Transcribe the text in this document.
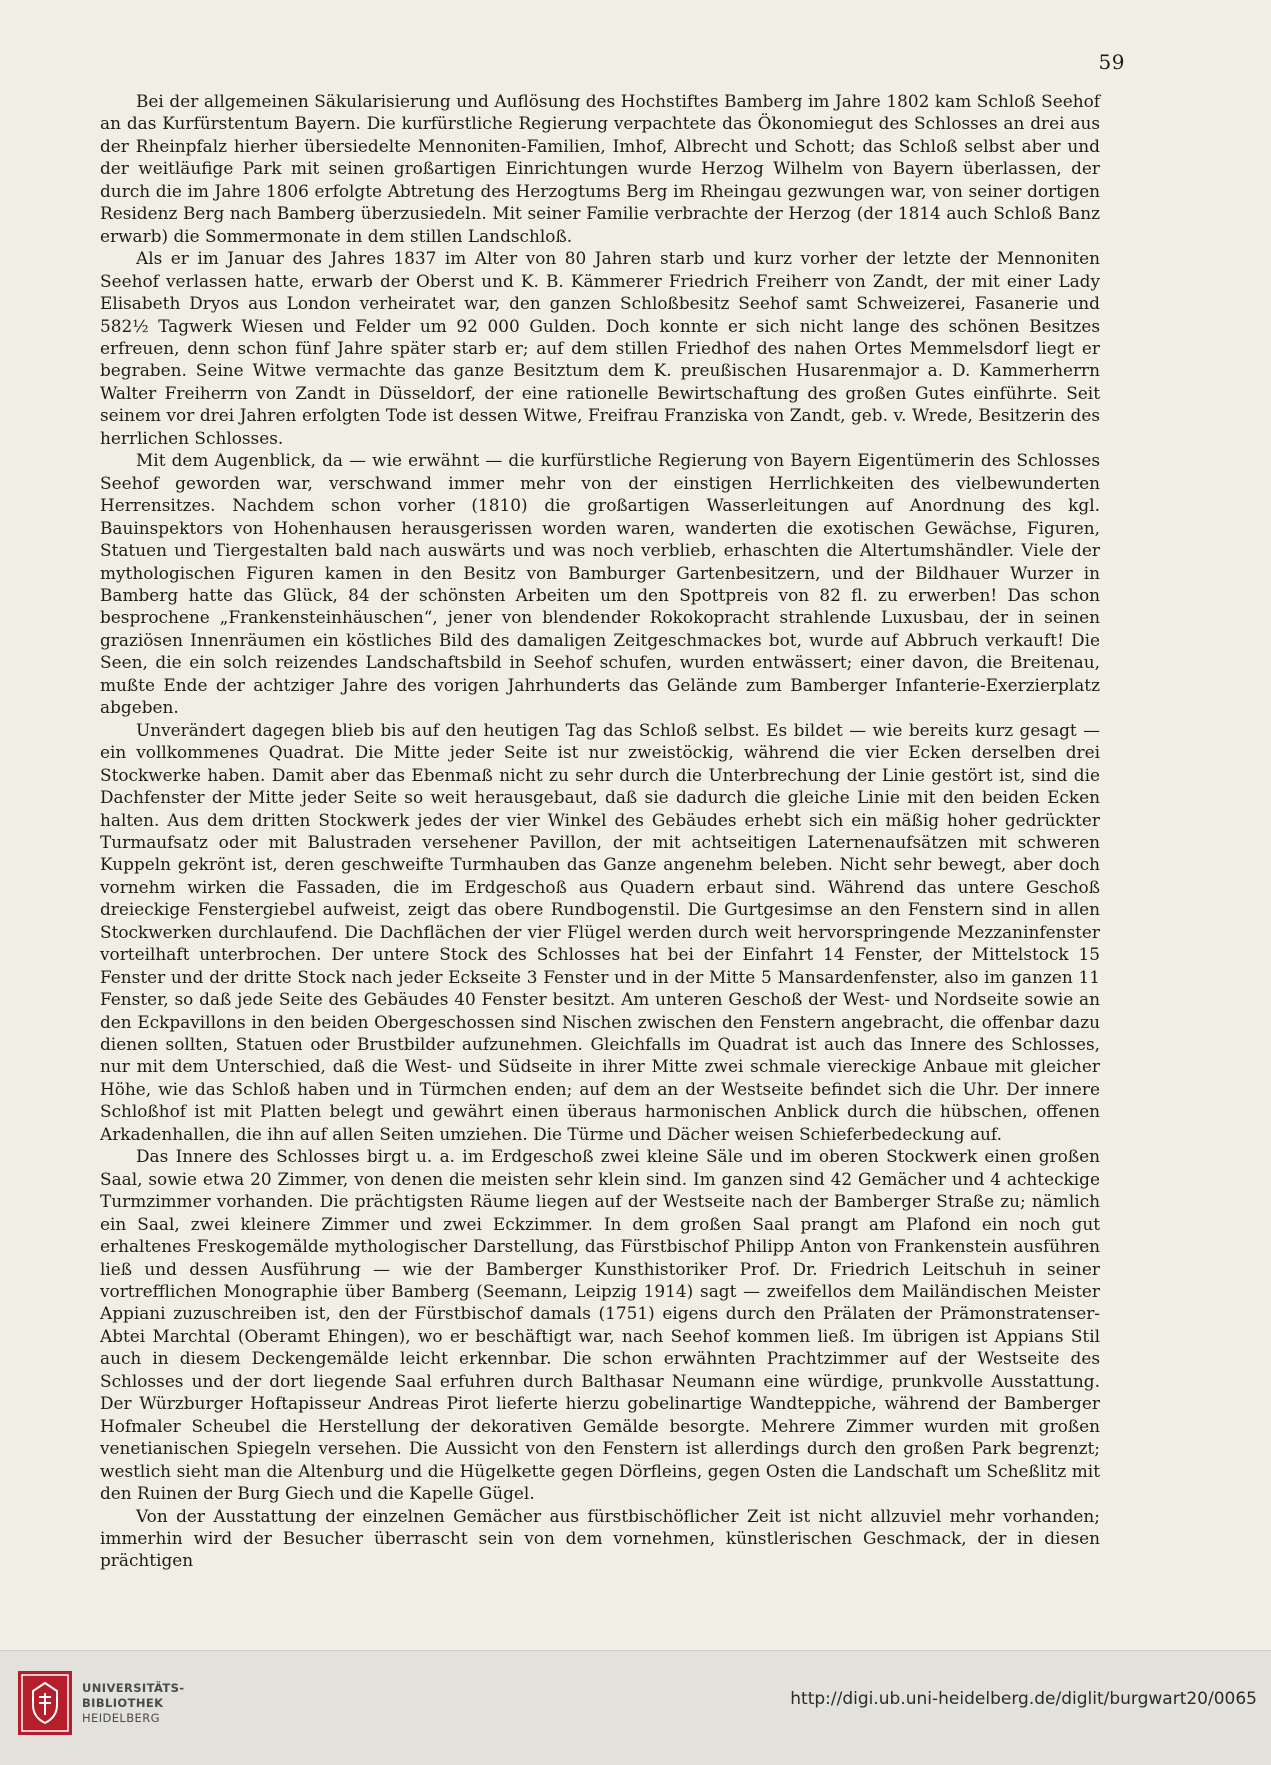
59

Bei der allgemeinen Säkularisierung und Auflösung des Hochstiftes Bamberg im Jahre 1802 kam Schloß Seehof an das Kurfürstentum Bayern. Die kurfürstliche Regierung verpachtete das Ökonomiegut des Schlosses an drei aus der Rheinpfalz hierher übersiedelte Mennoniten-Familien, Imhof, Albrecht und Schott; das Schloß selbst aber und der weitläufige Park mit seinen großartigen Einrichtungen wurde Herzog Wilhelm von Bayern überlassen, der durch die im Jahre 1806 erfolgte Abtretung des Herzogtums Berg im Rheingau gezwungen war, von seiner dortigen Residenz Berg nach Bamberg überzusiedeln. Mit seiner Familie verbrachte der Herzog (der 1814 auch Schloß Banz erwarb) die Sommermonate in dem stillen Landschloß.

Als er im Januar des Jahres 1837 im Alter von 80 Jahren starb und kurz vorher der letzte der Mennoniten Seehof verlassen hatte, erwarb der Oberst und K. B. Kämmerer Friedrich Freiherr von Zandt, der mit einer Lady Elisabeth Dryos aus London verheiratet war, den ganzen Schloßbesitz Seehof samt Schweizerei, Fasanerie und 582½ Tagwerk Wiesen und Felder um 92 000 Gulden. Doch konnte er sich nicht lange des schönen Besitzes erfreuen, denn schon fünf Jahre später starb er; auf dem stillen Friedhof des nahen Ortes Memmelsdorf liegt er begraben. Seine Witwe vermachte das ganze Besitztum dem K. preußischen Husarenmajor a. D. Kammerherrn Walter Freiherrn von Zandt in Düsseldorf, der eine rationelle Bewirtschaftung des großen Gutes einführte. Seit seinem vor drei Jahren erfolgten Tode ist dessen Witwe, Freifrau Franziska von Zandt, geb. v. Wrede, Besitzerin des herrlichen Schlosses.

Mit dem Augenblick, da — wie erwähnt — die kurfürstliche Regierung von Bayern Eigentümerin des Schlosses Seehof geworden war, verschwand immer mehr von der einstigen Herrlichkeiten des vielbewunderten Herrensitzes. Nachdem schon vorher (1810) die großartigen Wasserleitungen auf Anordnung des kgl. Bauinspektors von Hohenhausen herausgerissen worden waren, wanderten die exotischen Gewächse, Figuren, Statuen und Tiergestalten bald nach auswärts und was noch verblieb, erhaschten die Altertumshändler. Viele der mythologischen Figuren kamen in den Besitz von Bamburger Gartenbesitzern, und der Bildhauer Wurzer in Bamberg hatte das Glück, 84 der schönsten Arbeiten um den Spottpreis von 82 fl. zu erwerben! Das schon besprochene „Frankensteinhäuschen“, jener von blendender Rokokopracht strahlende Luxusbau, der in seinen graziösen Innenräumen ein köstliches Bild des damaligen Zeitgeschmackes bot, wurde auf Abbruch verkauft! Die Seen, die ein solch reizendes Landschaftsbild in Seehof schufen, wurden entwässert; einer davon, die Breitenau, mußte Ende der achtziger Jahre des vorigen Jahrhunderts das Gelände zum Bamberger Infanterie-Exerzierplatz abgeben.

Unverändert dagegen blieb bis auf den heutigen Tag das Schloß selbst. Es bildet — wie bereits kurz gesagt — ein vollkommenes Quadrat. Die Mitte jeder Seite ist nur zweistöckig, während die vier Ecken derselben drei Stockwerke haben. Damit aber das Ebenmaß nicht zu sehr durch die Unterbrechung der Linie gestört ist, sind die Dachfenster der Mitte jeder Seite so weit herausgebaut, daß sie dadurch die gleiche Linie mit den beiden Ecken halten. Aus dem dritten Stockwerk jedes der vier Winkel des Gebäudes erhebt sich ein mäßig hoher gedrückter Turmaufsatz oder mit Balustraden versehener Pavillon, der mit achtseitigen Laternenaufsätzen mit schweren Kuppeln gekrönt ist, deren geschweifte Turmhauben das Ganze angenehm beleben. Nicht sehr bewegt, aber doch vornehm wirken die Fassaden, die im Erdgeschoß aus Quadern erbaut sind. Während das untere Geschoß dreieckige Fenstergiebel aufweist, zeigt das obere Rundbogenstil. Die Gurtgesimse an den Fenstern sind in allen Stockwerken durchlaufend. Die Dachflächen der vier Flügel werden durch weit hervorspringende Mezzaninfenster vorteilhaft unterbrochen. Der untere Stock des Schlosses hat bei der Einfahrt 14 Fenster, der Mittelstock 15 Fenster und der dritte Stock nach jeder Eckseite 3 Fenster und in der Mitte 5 Mansardenfenster, also im ganzen 11 Fenster, so daß jede Seite des Gebäudes 40 Fenster besitzt. Am unteren Geschoß der West- und Nordseite sowie an den Eckpavillons in den beiden Obergeschossen sind Nischen zwischen den Fenstern angebracht, die offenbar dazu dienen sollten, Statuen oder Brustbilder aufzunehmen. Gleichfalls im Quadrat ist auch das Innere des Schlosses, nur mit dem Unterschied, daß die West- und Südseite in ihrer Mitte zwei schmale viereckige Anbaue mit gleicher Höhe, wie das Schloß haben und in Türmchen enden; auf dem an der Westseite befindet sich die Uhr. Der innere Schloßhof ist mit Platten belegt und gewährt einen überaus harmonischen Anblick durch die hübschen, offenen Arkadenhallen, die ihn auf allen Seiten umziehen. Die Türme und Dächer weisen Schieferbedeckung auf.

Das Innere des Schlosses birgt u. a. im Erdgeschoß zwei kleine Säle und im oberen Stockwerk einen großen Saal, sowie etwa 20 Zimmer, von denen die meisten sehr klein sind. Im ganzen sind 42 Gemächer und 4 achteckige Turmzimmer vorhanden. Die prächtigsten Räume liegen auf der Westseite nach der Bamberger Straße zu; nämlich ein Saal, zwei kleinere Zimmer und zwei Eckzimmer. In dem großen Saal prangt am Plafond ein noch gut erhaltenes Freskogemälde mythologischer Darstellung, das Fürstbischof Philipp Anton von Frankenstein ausführen ließ und dessen Ausführung — wie der Bamberger Kunsthistoriker Prof. Dr. Friedrich Leitschuh in seiner vortrefflichen Monographie über Bamberg (Seemann, Leipzig 1914) sagt — zweifellos dem Mailändischen Meister Appiani zuzuschreiben ist, den der Fürstbischof damals (1751) eigens durch den Prälaten der Prämonstratenser-Abtei Marchtal (Oberamt Ehingen), wo er beschäftigt war, nach Seehof kommen ließ. Im übrigen ist Appians Stil auch in diesem Deckengemälde leicht erkennbar. Die schon erwähnten Prachtzimmer auf der Westseite des Schlosses und der dort liegende Saal erfuhren durch Balthasar Neumann eine würdige, prunkvolle Ausstattung. Der Würzburger Hoftapisseur Andreas Pirot lieferte hierzu gobelinartige Wandteppiche, während der Bamberger Hofmaler Scheubel die Herstellung der dekorativen Gemälde besorgte. Mehrere Zimmer wurden mit großen venetianischen Spiegeln versehen. Die Aussicht von den Fenstern ist allerdings durch den großen Park begrenzt; westlich sieht man die Altenburg und die Hügelkette gegen Dörfleins, gegen Osten die Landschaft um Scheßlitz mit den Ruinen der Burg Giech und die Kapelle Gügel.

Von der Ausstattung der einzelnen Gemächer aus fürstbischöflicher Zeit ist nicht allzuviel mehr vorhanden; immerhin wird der Besucher überrascht sein von dem vornehmen, künstlerischen Geschmack, der in diesen prächtigen

UNIVERSITÄTS-
BIBLIOTHEK
HEIDELBERG
http://digi.ub.uni-heidelberg.de/diglit/burgwart20/0065
